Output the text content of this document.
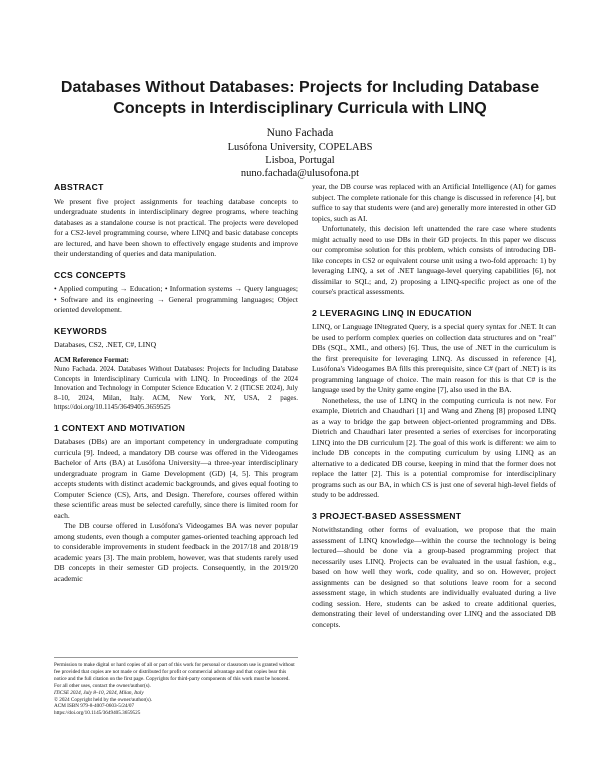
Databases Without Databases: Projects for Including Database
Concepts in Interdisciplinary Curricula with LINQ
Nuno Fachada
Lusófona University, COPELABS
Lisboa, Portugal
nuno.fachada@ulusofona.pt
ABSTRACT

We present five project assignments for teaching database concepts to undergraduate students in interdisciplinary degree programs, where teaching databases as a standalone course is not practical. The projects were developed for a CS2-level programming course, where LINQ and basic database concepts are lectured, and have been shown to effectively engage students and improve their understanding of queries and data manipulation.

CCS CONCEPTS

• Applied computing → Education; • Information systems → Query languages; • Software and its engineering → General programming languages; Object oriented development.

KEYWORDS

Databases, CS2, .NET, C#, LINQ

ACM Reference Format:

Nuno Fachada. 2024. Databases Without Databases: Projects for Including Database Concepts in Interdisciplinary Curricula with LINQ. In Proceedings of the 2024 Innovation and Technology in Computer Science Education V. 2 (ITiCSE 2024), July 8–10, 2024, Milan, Italy. ACM, New York, NY, USA, 2 pages. https://doi.org/10.1145/3649405.3659525

1 CONTEXT AND MOTIVATION

Databases (DBs) are an important competency in undergraduate computing curricula [9]. Indeed, a mandatory DB course was offered in the Videogames Bachelor of Arts (BA) at Lusófona University—a three-year interdisciplinary undergraduate program in Game Development (GD) [4, 5]. This program accepts students with distinct academic backgrounds, and gives equal footing to Computer Science (CS), Arts, and Design. Therefore, courses offered within these scientific areas must be selected carefully, since there is limited room for each.

The DB course offered in Lusófona's Videogames BA was never popular among students, even though a computer games-oriented teaching approach led to considerable improvements in student feedback in the 2017/18 and 2018/19 academic years [3]. The main problem, however, was that students rarely used DB concepts in their semester GD projects. Consequently, in the 2019/20 academic

year, the DB course was replaced with an Artificial Intelligence (AI) for games subject. The complete rationale for this change is discussed in reference [4], but suffice to say that students were (and are) generally more interested in other GD topics, such as AI.

Unfortunately, this decision left unattended the rare case where students might actually need to use DBs in their GD projects. In this paper we discuss our compromise solution for this problem, which consists of introducing DB-like concepts in CS2 or equivalent course unit using a two-fold approach: 1) by leveraging LINQ, a set of .NET language-level querying capabilities [6], not dissimilar to SQL; and, 2) proposing a LINQ-specific project as one of the course's practical assessments.

2 LEVERAGING LINQ IN EDUCATION

LINQ, or Language INtegrated Query, is a special query syntax for .NET. It can be used to perform complex queries on collection data structures and on "real" DBs (SQL, XML, and others) [6]. Thus, the use of .NET in the curriculum is the first prerequisite for leveraging LINQ. As discussed in reference [4], Lusófona's Videogames BA fills this prerequisite, since C# (part of .NET) is its programming language of choice. The main reason for this is that C# is the language used by the Unity game engine [7], also used in the BA.

Nonetheless, the use of LINQ in the computing curricula is not new. For example, Dietrich and Chaudhari [1] and Wang and Zheng [8] proposed LINQ as a way to bridge the gap between object-oriented programming and DBs. Dietrich and Chaudhari later presented a series of exercises for incorporating LINQ into the DB curriculum [2]. The goal of this work is different: we aim to include DB concepts in the computing curriculum by using LINQ as an alternative to a dedicated DB course, keeping in mind that the former does not replace the latter [2]. This is a potential compromise for interdisciplinary programs such as our BA, in which CS is just one of several high-level fields of study to be addressed.

3 PROJECT-BASED ASSESSMENT

Notwithstanding other forms of evaluation, we propose that the main assessment of LINQ knowledge—within the course the technology is being lectured—should be done via a group-based programming project that necessarily uses LINQ. Projects can be evaluated in the usual fashion, e.g., based on how well they work, code quality, and so on. However, project assignments can be designed so that solutions leave room for a second assessment stage, in which students are individually evaluated during a live coding session. Here, students can be asked to create additional queries, demonstrating their level of understanding over LINQ and the associated DB concepts.

Permission to make digital or hard copies of all or part of this work for personal or classroom use is granted without fee provided that copies are not made or distributed for profit or commercial advantage and that copies bear this notice and the full citation on the first page. Copyrights for third-party components of this work must be honored. For all other uses, contact the owner/author(s).

ITiCSE 2024, July 8–10, 2024, Milan, Italy

© 2024 Copyright held by the owner/author(s).

ACM ISBN 979-8-4007-0603-5/24/07

https://doi.org/10.1145/3649405.3659525
